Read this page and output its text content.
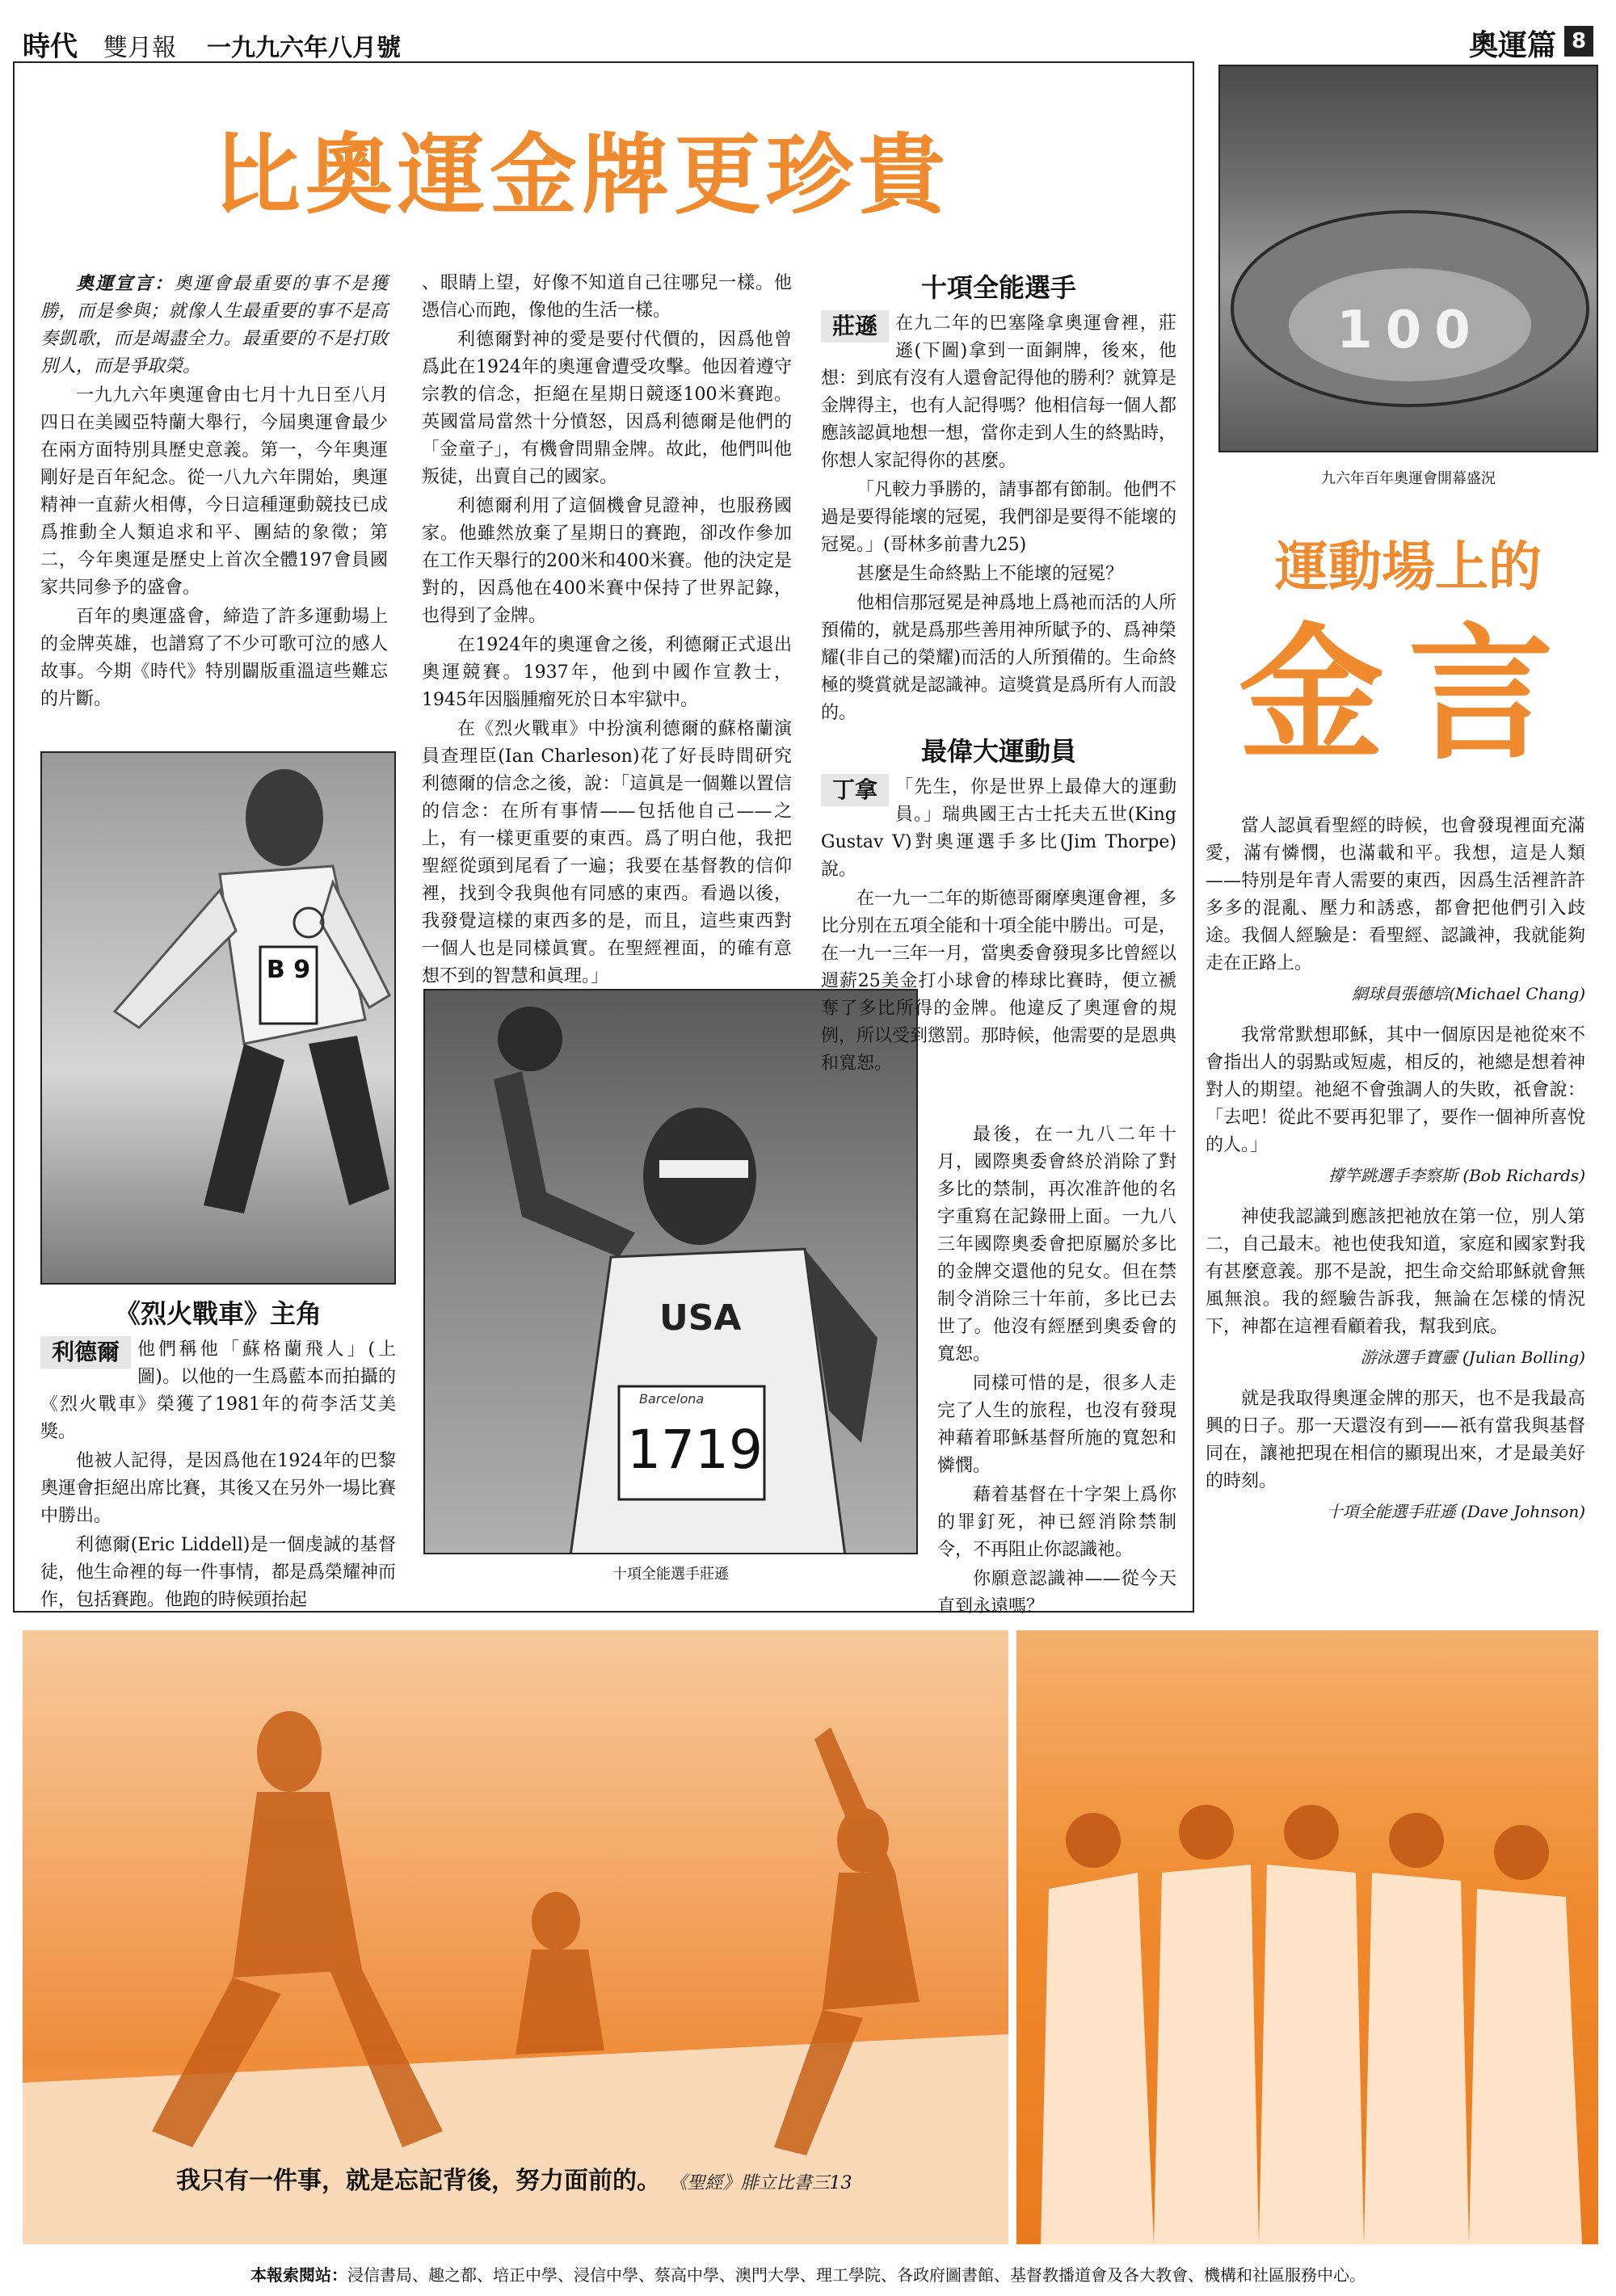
時代 雙月報 一九九六年八月號	奧運篇 8
比奧運金牌更珍貴

奧運宣言：奧運會最重要的事不是獲勝，而是參與；就像人生最重要的事不是高奏凱歌，而是竭盡全力。最重要的不是打敗別人，而是爭取榮。

一九九六年奧運會由七月十九日至八月四日在美國亞特蘭大舉行，今屆奧運會最少在兩方面特別具歷史意義。第一，今年奧運剛好是百年紀念。從一八九六年開始，奧運精神一直薪火相傳，今日這種運動競技已成爲推動全人類追求和平、團結的象徵；第二，今年奧運是歷史上首次全體197會員國家共同參予的盛會。

百年的奧運盛會，締造了許多運動場上的金牌英雄，也譜寫了不少可歌可泣的感人故事。今期《時代》特別闢版重溫這些難忘的片斷。

B 9
《烈火戰車》主角

利德爾	他們稱他「蘇格蘭飛人」(上圖)。以他的一生爲藍本而拍攝的《烈火戰車》榮獲了1981年的荷李活艾美獎。

他被人記得，是因爲他在1924年的巴黎奧運會拒絕出席比賽，其後又在另外一場比賽中勝出。

利德爾(Eric Liddell)是一個虔誠的基督徒，他生命裡的每一件事情，都是爲榮耀神而作，包括賽跑。他跑的時候頭抬起

、眼睛上望，好像不知道自己往哪兒一樣。他憑信心而跑，像他的生活一樣。

利德爾對神的愛是要付代價的，因爲他曾爲此在1924年的奧運會遭受攻擊。他因着遵守宗教的信念，拒絕在星期日競逐100米賽跑。英國當局當然十分憤怒，因爲利德爾是他們的「金童子」，有機會問鼎金牌。故此，他們叫他叛徒，出賣自己的國家。

利德爾利用了這個機會見證神，也服務國家。他雖然放棄了星期日的賽跑，卻改作參加在工作天舉行的200米和400米賽。他的決定是對的，因爲他在400米賽中保持了世界記錄，也得到了金牌。

在1924年的奧運會之後，利德爾正式退出奧運競賽。1937年，他到中國作宣教士，1945年因腦腫瘤死於日本牢獄中。

在《烈火戰車》中扮演利德爾的蘇格蘭演員查理臣(Ian Charleson)花了好長時間研究利德爾的信念之後，說：「這眞是一個難以置信的信念：在所有事情——包括他自己——之上，有一樣更重要的東西。爲了明白他，我把聖經從頭到尾看了一遍；我要在基督教的信仰裡，找到令我與他有同感的東西。看過以後，我發覺這樣的東西多的是，而且，這些東西對一個人也是同樣眞實。在聖經裡面，的確有意想不到的智慧和眞理。」

USA
Barcelona
1719
十項全能選手莊遜
十項全能選手

莊遜	在九二年的巴塞隆拿奧運會裡，莊遜(下圖)拿到一面銅牌，後來，他想：到底有沒有人還會記得他的勝利？就算是金牌得主，也有人記得嗎？他相信每一個人都應該認眞地想一想，當你走到人生的終點時，你想人家記得你的甚麼。

「凡較力爭勝的，請事都有節制。他們不過是要得能壞的冠冕，我們卻是要得不能壞的冠冕。」(哥林多前書九25)

甚麼是生命終點上不能壞的冠冕？

他相信那冠冕是神爲地上爲祂而活的人所預備的，就是爲那些善用神所賦予的、爲神榮耀(非自己的榮耀)而活的人所預備的。生命終極的獎賞就是認識神。這獎賞是爲所有人而設的。

最偉大運動員

丁拿	「先生，你是世界上最偉大的運動員。」瑞典國王古士托夫五世(King Gustav V)對奧運選手多比(Jim Thorpe)說。

在一九一二年的斯德哥爾摩奧運會裡，多比分別在五項全能和十項全能中勝出。可是，在一九一三年一月，當奧委會發現多比曾經以週薪25美金打小球會的棒球比賽時，便立褫奪了多比所得的金牌。他違反了奧運會的規例，所以受到懲罰。那時候，他需要的是恩典和寬恕。

最後，在一九八二年十月，國際奧委會終於消除了對多比的禁制，再次准許他的名字重寫在記錄冊上面。一九八三年國際奧委會把原屬於多比的金牌交還他的兒女。但在禁制令消除三十年前，多比已去世了。他沒有經歷到奧委會的寬恕。

同樣可惜的是，很多人走完了人生的旅程，也沒有發現神藉着耶穌基督所施的寬恕和憐憫。

藉着基督在十字架上爲你的罪釘死，神已經消除禁制令，不再阻止你認識祂。

你願意認識神——從今天直到永遠嗎？

100
九六年百年奧運會開幕盛況
運動場上的
金言

當人認眞看聖經的時候，也會發現裡面充滿愛，滿有憐憫，也滿載和平。我想，這是人類——特別是年青人需要的東西，因爲生活裡許許多多的混亂、壓力和誘惑，都會把他們引入歧途。我個人經驗是：看聖經、認識神，我就能夠走在正路上。

網球員張德培(Michael Chang)

我常常默想耶穌，其中一個原因是祂從來不會指出人的弱點或短處，相反的，祂總是想着神對人的期望。祂絕不會強調人的失敗，祇會說：「去吧！從此不要再犯罪了，要作一個神所喜悅的人。」

撐竿跳選手李察斯 (Bob Richards)

神使我認識到應該把祂放在第一位，別人第二，自己最末。祂也使我知道，家庭和國家對我有甚麼意義。那不是說，把生命交給耶穌就會無風無浪。我的經驗告訴我，無論在怎樣的情況下，神都在這裡看顧着我，幫我到底。

游泳選手寶靈 (Julian Bolling)

就是我取得奧運金牌的那天，也不是我最高興的日子。那一天還沒有到——祇有當我與基督同在，讓祂把現在相信的顯現出來，才是最美好的時刻。

十項全能選手莊遜 (Dave Johnson)
我只有一件事，就是忘記背後，努力面前的。 《聖經》腓立比書三13
本報索閱站：浸信書局、趣之都、培正中學、浸信中學、蔡高中學、澳門大學、理工學院、各政府圖書館、基督教播道會及各大教會、機構和社區服務中心。
